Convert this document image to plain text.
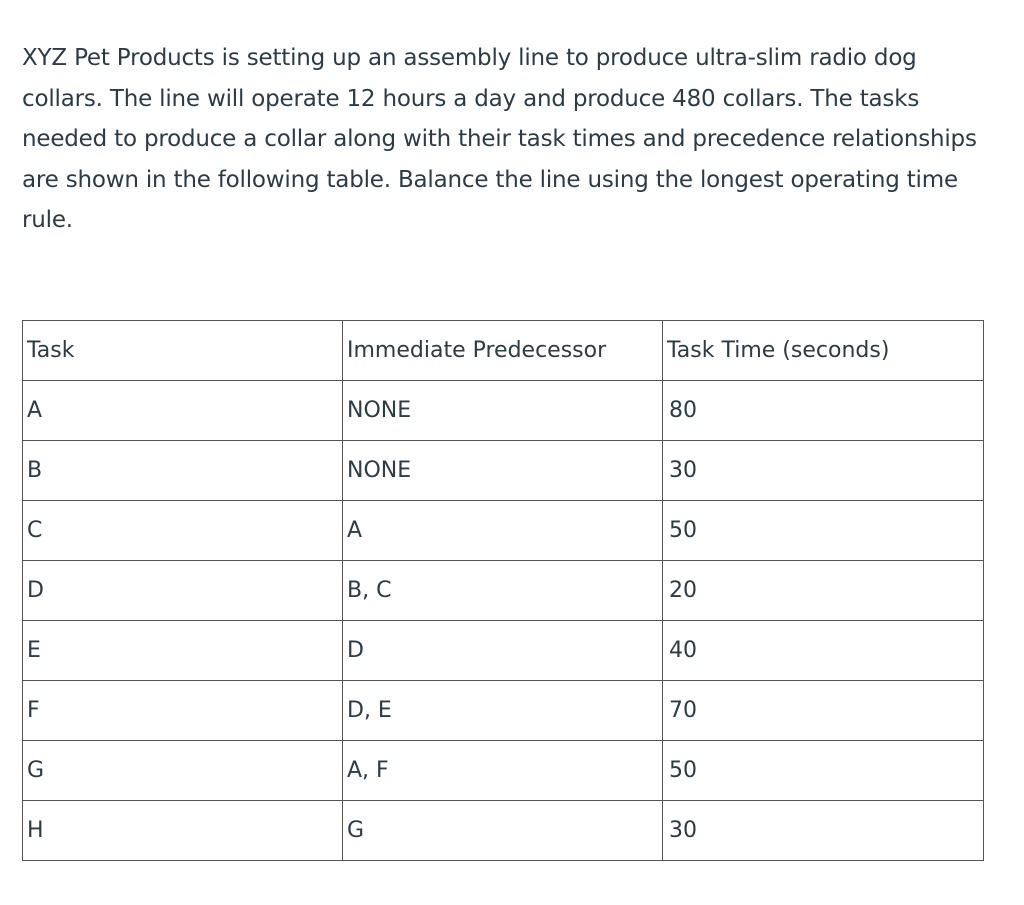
XYZ Pet Products is setting up an assembly line to produce ultra-slim radio dog collars. The line will operate 12 hours a day and produce 480 collars. The tasks needed to produce a collar along with their task times and precedence relationships are shown in the following table. Balance the line using the longest operating time rule.

Task	Immediate Predecessor	Task Time (seconds)
A	NONE	80
B	NONE	30
C	A	50
D	B, C	20
E	D	40
F	D, E	70
G	A, F	50
H	G	30
